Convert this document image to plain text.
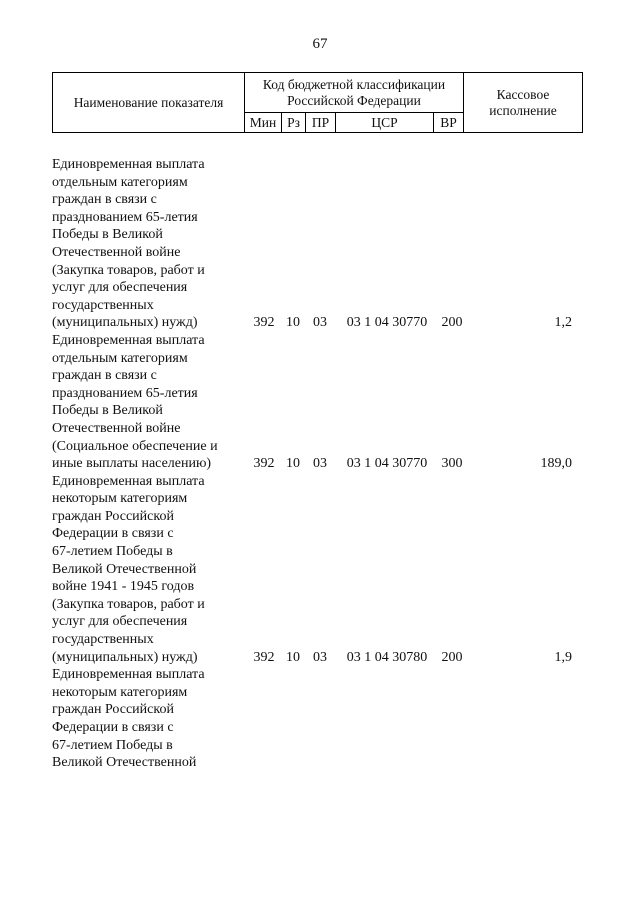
67
Наименование показателя
Код бюджетной классификации Российской Федерации
Мин Рз ПР	ЦСР	ВР
Кассовое исполнение
Единовременная выплата
отдельным категориям
граждан в связи с
празднованием 65-летия
Победы в Великой
Отечественной войне
(Закупка товаров, работ и
услуг для обеспечения
государственных
(муниципальных) нужд)	392 10 03	03 1 04 30770	200	1,2
Единовременная выплата
отдельным категориям
граждан в связи с
празднованием 65-летия
Победы в Великой
Отечественной войне
(Социальное обеспечение и
иные выплаты населению)	392 10 03	03 1 04 30770	300	189,0
Единовременная выплата
некоторым категориям
граждан Российской
Федерации в связи с
67-летием Победы в
Великой Отечественной
войне 1941 - 1945 годов
(Закупка товаров, работ и
услуг для обеспечения
государственных
(муниципальных) нужд)	392 10 03	03 1 04 30780	200	1,9
Единовременная выплата
некоторым категориям
граждан Российской
Федерации в связи с
67-летием Победы в
Великой Отечественной
